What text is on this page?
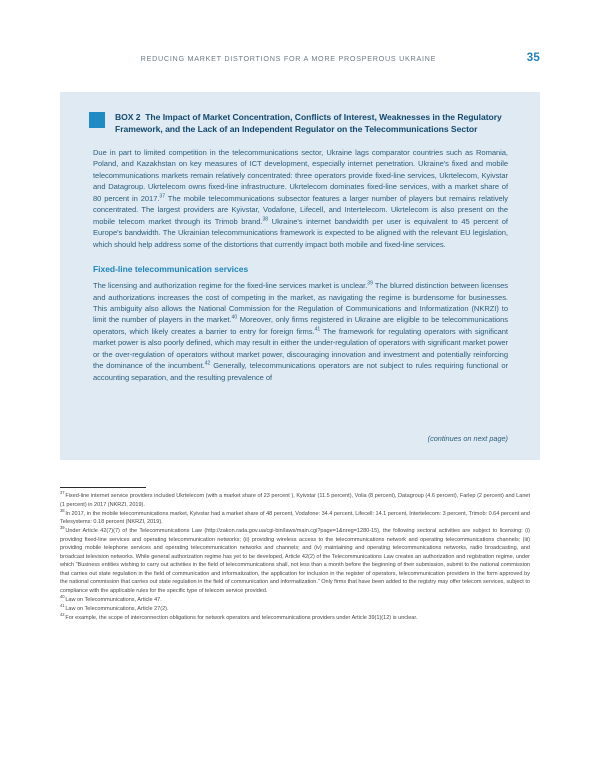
REDUCING MARKET DISTORTIONS FOR A MORE PROSPEROUS UKRAINE	35
BOX 2 The Impact of Market Concentration, Conflicts of Interest, Weaknesses in the Regulatory Framework, and the Lack of an Independent Regulator on the Telecommunications Sector

Due in part to limited competition in the telecommunications sector, Ukraine lags comparator countries such as Romania, Poland, and Kazakhstan on key measures of ICT development, especially internet penetration. Ukraine's fixed and mobile telecommunications markets remain relatively concentrated: three operators provide fixed-line services, Ukrtelecom, Kyivstar and Datagroup. Ukrtelecom owns fixed-line infrastructure. Ukrtelecom dominates fixed-line services, with a market share of 80 percent in 2017.37 The mobile telecommunications subsector features a larger number of players but remains relatively concentrated. The largest providers are Kyivstar, Vodafone, Lifecell, and Intertelecom. Ukrtelecom is also present on the mobile telecom market through its Trimob brand.$^{38}$ Ukraine's internet bandwidth per user is equivalent to 45 percent of Europe's bandwidth. The Ukrainian telecommunications framework is expected to be aligned with the relevant EU legislation, which should help address some of the distortions that currently impact both mobile and fixed-line services.

Fixed-line telecommunication services

The licensing and authorization regime for the fixed-line services market is unclear.$^{39}$ The blurred distinction between licenses and authorizations increases the cost of competing in the market, as navigating the regime is burdensome for businesses. This ambiguity also allows the National Commission for the Regulation of Communications and Informatization (NKRZI) to limit the number of players in the market.$^{40}$ Moreover, only firms registered in Ukraine are eligible to be telecommunications operators, which likely creates a barrier to entry for foreign firms.$^{41}$ The framework for regulating operators with significant market power is also poorly defined, which may result in either the under-regulation of operators with significant market power or the over-regulation of operators without market power, discouraging innovation and investment and potentially reinforcing the dominance of the incumbent.$^{42}$ Generally, telecommunications operators are not subject to rules requiring functional or accounting separation, and the resulting prevalence of

(continues on next page)

$^{37}$Fixed-line internet service providers included Ukrtelecom (with a market share of 23 percent ), Kyivstar (11.5 percent), Volia (8 percent), Datagroup (4.6 percent), Farlep (2 percent) and Lanet (1 percent) in 2017 (NKRZI, 2019).

$^{38}$In 2017, in the mobile telecommunications market, Kyivstar had a market share of 48 percent, Vodafone: 34.4 percent, Lifecell: 14.1 percent, Intertelecom: 3 percent, Trimob: 0.64 percent and Telesystems: 0.18 percent (NKRZI, 2019).

$^{39}$Under Article 42(7)(7) of the Telecommunications Law (http://zakon.rada.gov.ua/cgi-bin/laws/main.cgi?page=1&nreg=1280-15), the following sectoral activities are subject to licensing: (i) providing fixed-line services and operating telecommunication networks; (ii) providing wireless access to the telecommunications network and operating telecommunications channels; (iii) providing mobile telephone services and operating telecommunication networks and channels; and (iv) maintaining and operating telecommunications networks, radio broadcasting, and broadcast television networks. While general authorization regime has yet to be developed, Article 42(2) of the Telecommunications Law creates an authorization and registration regime, under which “Business entities wishing to carry out activities in the field of telecommunications shall, not less than a month before the beginning of their submission, submit to the national commission that carries out state regulation in the field of communication and informatization, the application for inclusion in the register of operators, telecommunication providers in the form approved by the national commission that carries out state regulation in the field of communication and informatization.” Only firms that have been added to the registry may offer telecom services, subject to compliance with the applicable rules for the specific type of telecom service provided.

$^{40}$Law on Telecommunications, Article 47.

$^{41}$Law on Telecommunications, Article 27(2).

$^{42}$For example, the scope of interconnection obligations for network operators and telecommunications providers under Article 39(1)(12) is unclear.
